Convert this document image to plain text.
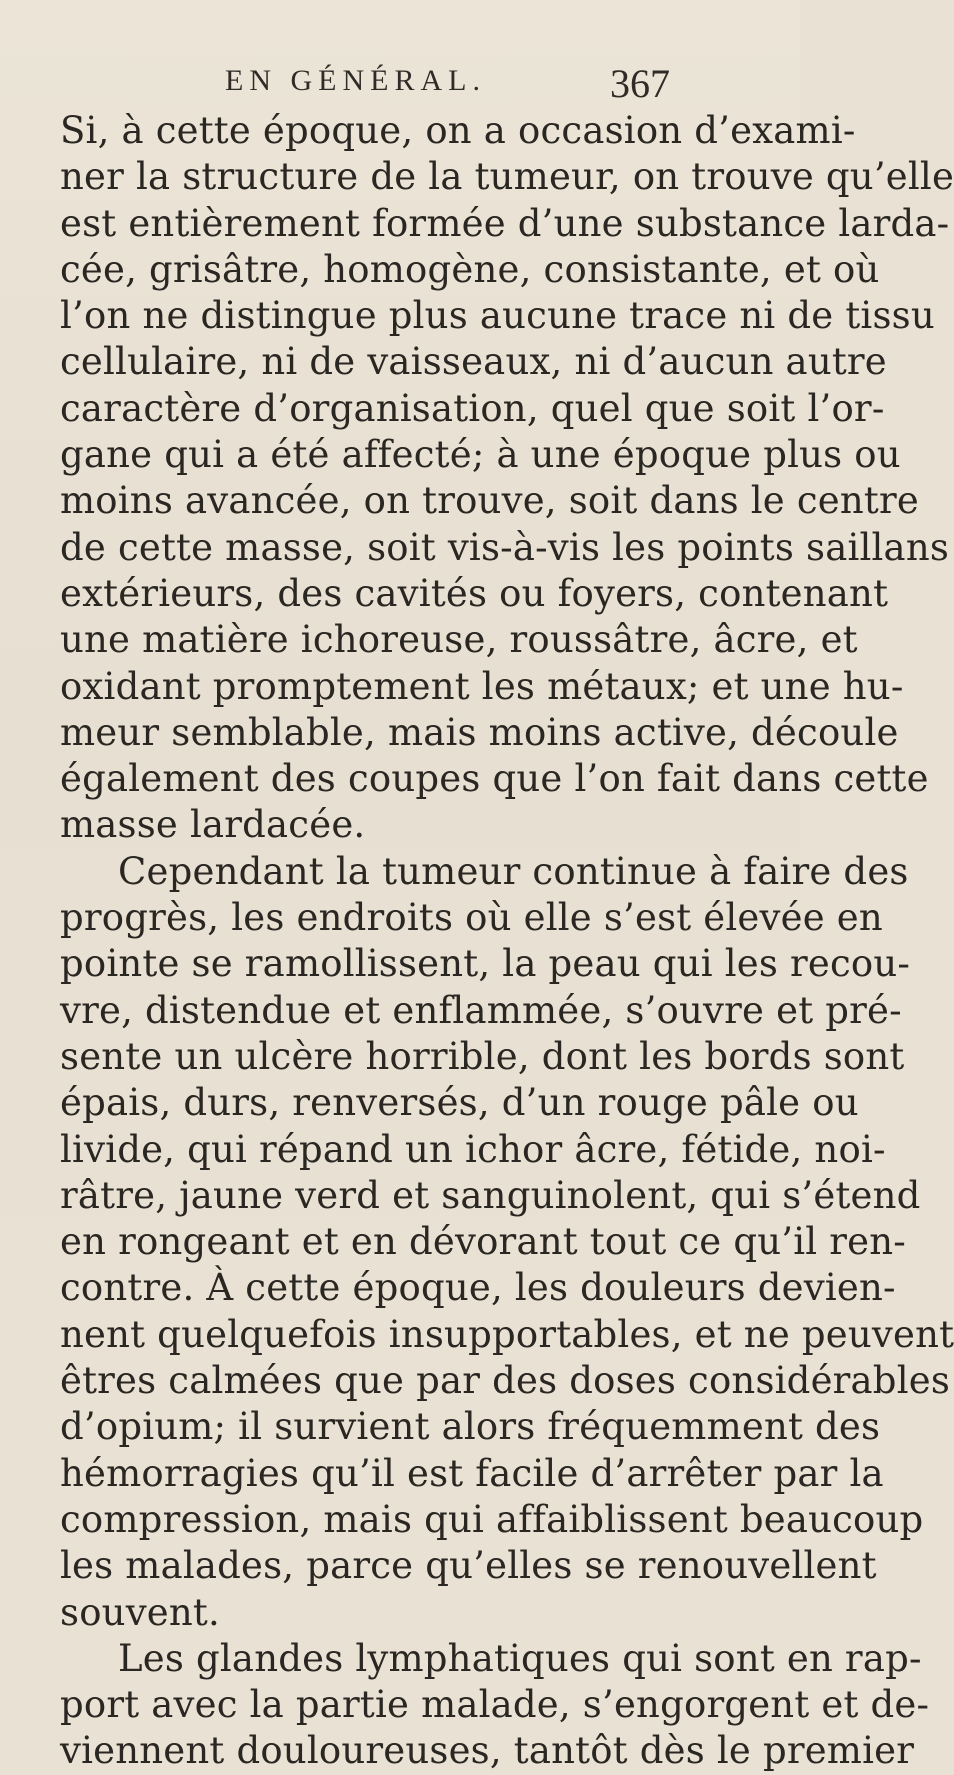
EN GÉNÉRAL.	367
Si, à cette époque, on a occasion d’exami-
ner la structure de la tumeur, on trouve qu’elle
est entièrement formée d’une substance larda-
cée, grisâtre, homogène, consistante, et où
l’on ne distingue plus aucune trace ni de tissu
cellulaire, ni de vaisseaux, ni d’aucun autre
caractère d’organisation, quel que soit l’or-
gane qui a été affecté; à une époque plus ou
moins avancée, on trouve, soit dans le centre
de cette masse, soit vis-à-vis les points saillans
extérieurs, des cavités ou foyers, contenant
une matière ichoreuse, roussâtre, âcre, et
oxidant promptement les métaux; et une hu-
meur semblable, mais moins active, découle
également des coupes que l’on fait dans cette
masse lardacée.
Cependant la tumeur continue à faire des
progrès, les endroits où elle s’est élevée en
pointe se ramollissent, la peau qui les recou-
vre, distendue et enflammée, s’ouvre et pré-
sente un ulcère horrible, dont les bords sont
épais, durs, renversés, d’un rouge pâle ou
livide, qui répand un ichor âcre, fétide, noi-
râtre, jaune verd et sanguinolent, qui s’étend
en rongeant et en dévorant tout ce qu’il ren-
contre. À cette époque, les douleurs devien-
nent quelquefois insupportables, et ne peuvent
êtres calmées que par des doses considérables
d’opium; il survient alors fréquemment des
hémorragies qu’il est facile d’arrêter par la
compression, mais qui affaiblissent beaucoup
les malades, parce qu’elles se renouvellent
souvent.
Les glandes lymphatiques qui sont en rap-
port avec la partie malade, s’engorgent et de-
viennent douloureuses, tantôt dès le premier
